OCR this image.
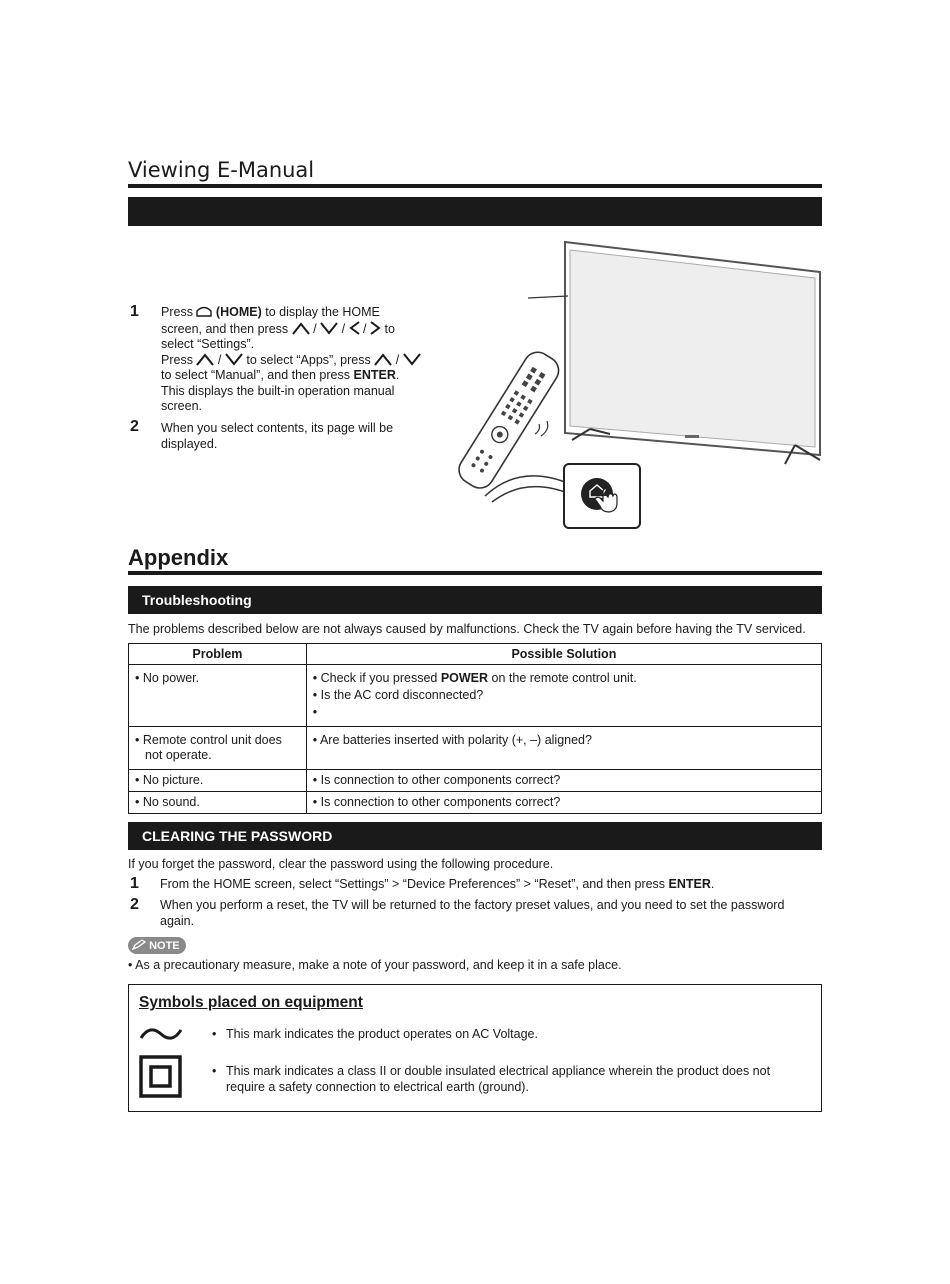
Viewing E-Manual
1 Press (HOME) to display the HOME
screen, and then press / / / to
select “Settings”.
Press / to select “Apps”, press /
to select “Manual”, and then press ENTER.
This displays the built-in operation manual
screen.
2 When you select contents, its page will be
displayed.
Appendix
Troubleshooting
The problems described below are not always caused by malfunctions. Check the TV again before having the TV serviced.
Problem	Possible Solution
• No power.	• Check if you pressed POWER on the remote control unit.
• Is the AC cord disconnected?
•

• Remote control unit does not operate.	• Are batteries inserted with polarity (+, –) aligned?
• No picture.	• Is connection to other components correct?
• No sound.	• Is connection to other components correct?
CLEARING THE PASSWORD
If you forget the password, clear the password using the following procedure.
1 From the HOME screen, select “Settings” > “Device Preferences” > “Reset”, and then press ENTER.
2 When you perform a reset, the TV will be returned to the factory preset values, and you need to set the password
again.
NOTE
• As a precautionary measure, make a note of your password, and keep it in a safe place.
Symbols placed on equipment
• This mark indicates the product operates on AC Voltage.
• This mark indicates a class II or double insulated electrical appliance wherein the product does not
require a safety connection to electrical earth (ground).
